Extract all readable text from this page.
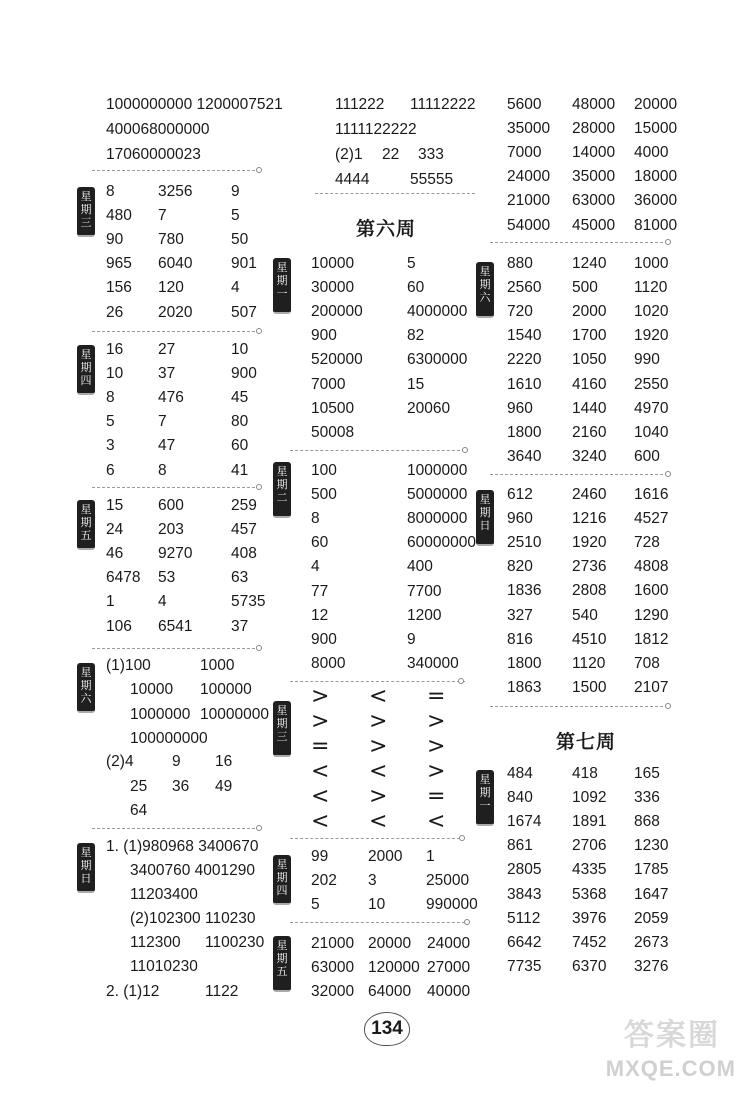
1000000000 1200007521
400068000000
17060000023
星
期
三
8	3256 9
480 7	5
90 780	50
965 6040 901
156 120	4
26 2020 507
星
期
四
16 27	10
10 37	900
8	476	45
5	7	80
3	47	60
6	8	41
星
期
五
15 600	259
24 203	457
46 9270 408
6478 53	63
1	4	5735
106 6541 37
星
期
六
(1)100	1000
10000 100000
1000000 10000000
100000000
(2)4 9 16
25 36 49
64
星
期
日
1. (1)980968 3400670
3400760 4001290
11203400
(2)102300 110230
112300 1100230
11010230
2. (1)12	1122
111222 11112222
1111122222
(2)1 22 333
4444	55555
第六周
星
期
一
10000	5
30000	60
200000	4000000
900	82
520000	6300000
7000	15
10500	20060
50008
星
期
二
100	1000000
500	5000000
8	8000000
60	60000000
4	400
77	7700
12	1200
900	9
8000	340000
星
期
三
> < =
> > >
= > >
< < >
< > =
< < <
星
期
四
99	2000 1
202 3	25000
5	10	990000
星
期
五
21000 20000 24000
63000 120000 27000
32000 64000 40000
5600 48000 20000
35000 28000 15000
7000 14000 4000
24000 35000 18000
21000 63000 36000
54000 45000 81000
星
期
六
880	1240 1000
2560 500 1120
720	2000 1020
1540 1700 1920
2220 1050 990
1610 4160 2550
960	1440 4970
1800 2160 1040
3640 3240 600
星
期
日
612	2460 1616
960	1216 4527
2510 1920 728
820	2736 4808
1836 2808 1600
327	540 1290
816	4510 1812
1800 1120 708
1863 1500 2107
第七周
星
期
一
484	418 165
840	1092 336
1674 1891 868
861	2706 1230
2805 4335 1785
3843 5368 1647
5112 3976 2059
6642 7452 2673
7735 6370 3276
134	答案圈
MXQE.COM
